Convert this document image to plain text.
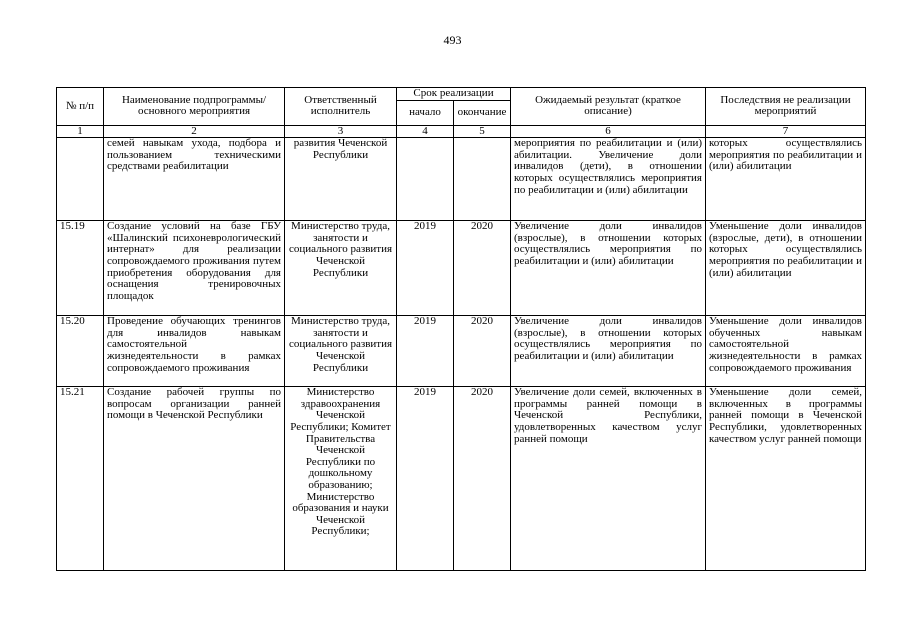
493
№ п/п	Наименование подпрограммы/ основного мероприятия	Ответственный исполнитель	Срок реализации		Ожидаемый результат (краткое описание)	Последствия не реализации мероприятий
			начало	окончание		
1	2	3	4	5	6	7
	семей навыкам ухода, подбора и пользованием техническими средствами реабилитации	развития Чеченской Республики			мероприятия по реабилитации и (или) абилитации. Увеличение доли инвалидов (дети), в отношении которых осуществлялись мероприятия по реабилитации и (или) абилитации	которых осуществлялись мероприятия по реабилитации и (или) абилитации
15.19	Создание условий на базе ГБУ «Шалинский психоневрологический интернат» для реализации сопровождаемого проживания путем приобретения оборудования для оснащения тренировочных площадок	Министерство труда, занятости и социального развития Чеченской Республики	2019	2020	Увеличение доли инвалидов (взрослые), в отношении которых осуществлялись мероприятия по реабилитации и (или) абилитации	Уменьшение доли инвалидов (взрослые, дети), в отношении которых осуществлялись мероприятия по реабилитации и (или) абилитации
15.20	Проведение обучающих тренингов для инвалидов навыкам самостоятельной жизнедеятельности в рамках сопровождаемого проживания	Министерство труда, занятости и социального развития Чеченской Республики	2019	2020	Увеличение доли инвалидов (взрослые), в отношении которых осуществлялись мероприятия по реабилитации и (или) абилитации	Уменьшение доли инвалидов обученных навыкам самостоятельной жизнедеятельности в рамках сопровождаемого проживания
15.21	Создание рабочей группы по вопросам организации ранней помощи в Чеченской Республики	Министерство здравоохранения Чеченской Республики; Комитет Правительства Чеченской Республики по дошкольному образованию; Министерство образования и науки Чеченской Республики;	2019	2020	Увеличение доли семей, включенных в программы ранней помощи в Чеченской Республики, удовлетворенных качеством услуг ранней помощи	Уменьшение доли семей, включенных в программы ранней помощи в Чеченской Республики, удовлетворенных качеством услуг ранней помощи
